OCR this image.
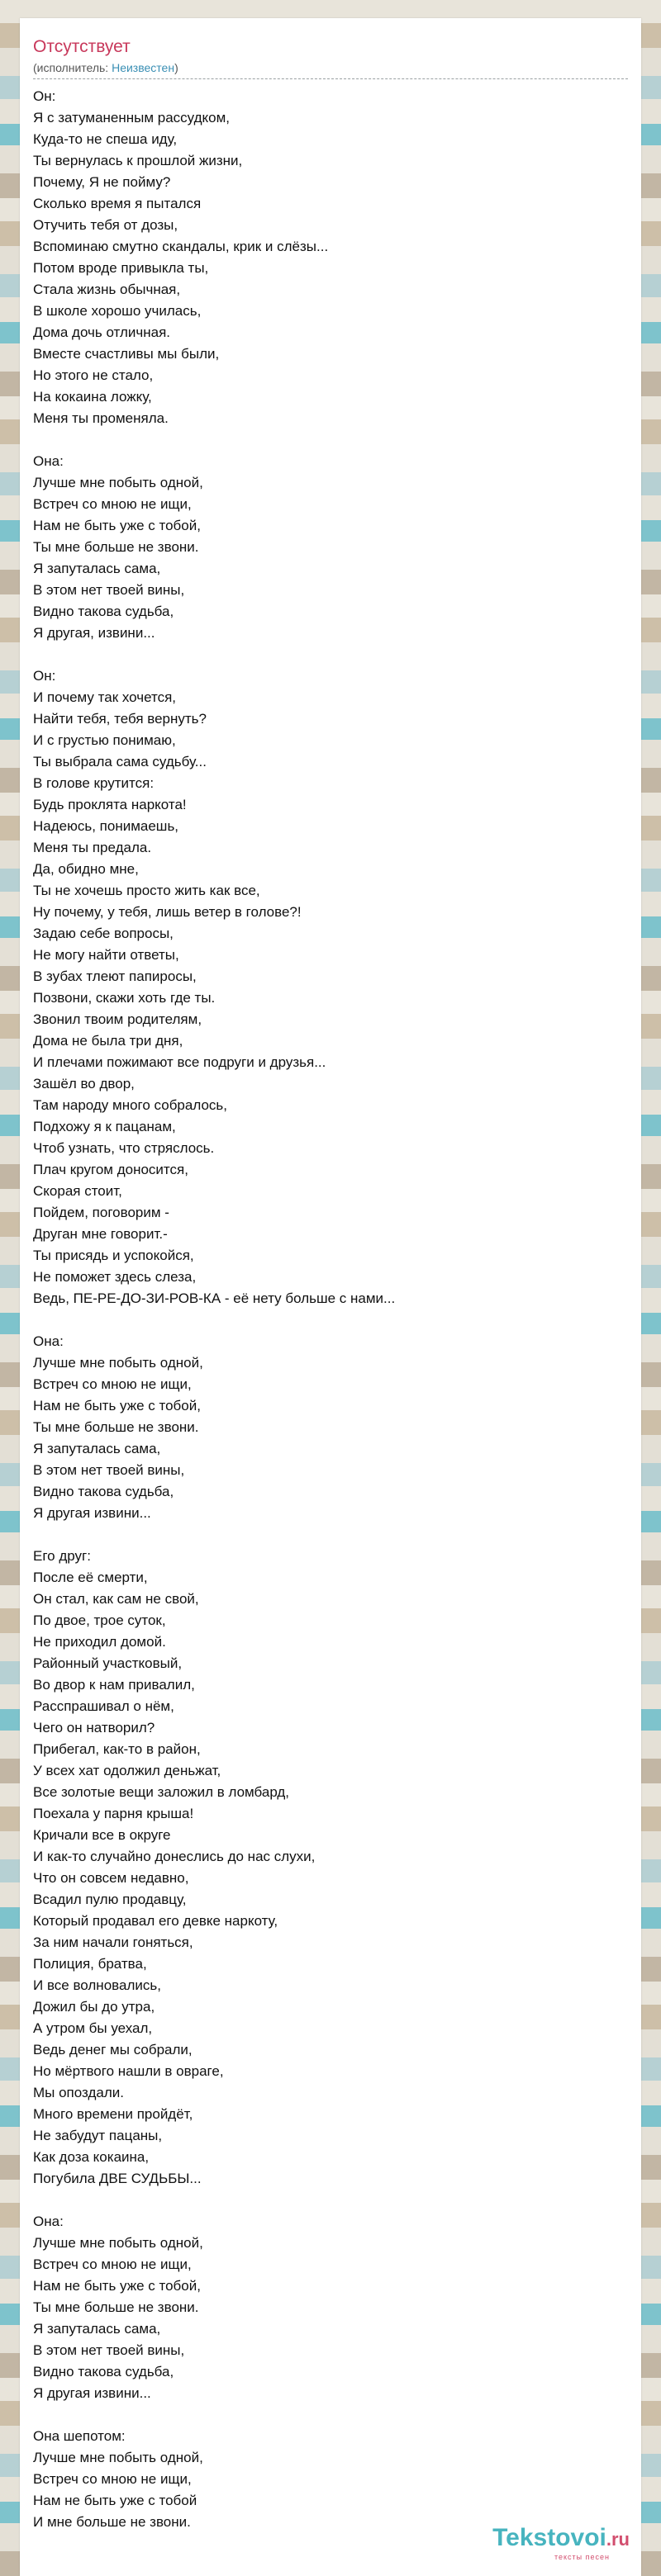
Отсутствует
(исполнитель: Неизвестен)
Он:
Я с затуманенным рассудком,
Куда-то не спеша иду,
Ты вернулась к прошлой жизни,
Почему, Я не пойму?
Сколько время я пытался
Отучить тебя от дозы,
Вспоминаю смутно скандалы, крик и слёзы...
Потом вроде привыкла ты,
Стала жизнь обычная,
В школе хорошо училась,
Дома дочь отличная.
Вместе счастливы мы были,
Но этого не стало,
На кокаина ложку,
Меня ты променяла.
Она:
Лучше мне побыть одной,
Встреч со мною не ищи,
Нам не быть уже с тобой,
Ты мне больше не звони.
Я запуталась сама,
В этом нет твоей вины,
Видно такова судьба,
Я другая, извини...
Он:
И почему так хочется,
Найти тебя, тебя вернуть?
И с грустью понимаю,
Ты выбрала сама судьбу...
В голове крутится:
Будь проклята наркота!
Надеюсь, понимаешь,
Меня ты предала.
Да, обидно мне,
Ты не хочешь просто жить как все,
Ну почему, у тебя, лишь ветер в голове?!
Задаю себе вопросы,
Не могу найти ответы,
В зубах тлеют папиросы,
Позвони, скажи хоть где ты.
Звонил твоим родителям,
Дома не была три дня,
И плечами пожимают все подруги и друзья...
Зашёл во двор,
Там народу много собралось,
Подхожу я к пацанам,
Чтоб узнать, что стряслось.
Плач кругом доносится,
Скорая стоит,
Пойдем, поговорим -
Друган мне говорит.-
Ты присядь и успокойся,
Не поможет здесь слеза,
Ведь, ПЕ-РЕ-ДО-ЗИ-РОВ-КА - её нету больше с нами...
Она:
Лучше мне побыть одной,
Встреч со мною не ищи,
Нам не быть уже с тобой,
Ты мне больше не звони.
Я запуталась сама,
В этом нет твоей вины,
Видно такова судьба,
Я другая извини...
Его друг:
После её смерти,
Он стал, как сам не свой,
По двое, трое суток,
Не приходил домой.
Районный участковый,
Во двор к нам привалил,
Расспрашивал о нём,
Чего он натворил?
Прибегал, как-то в район,
У всех хат одолжил деньжат,
Все золотые вещи заложил в ломбард,
Поехала у парня крыша!
Кричали все в округе
И как-то случайно донеслись до нас слухи,
Что он совсем недавно,
Всадил пулю продавцу,
Который продавал его девке наркоту,
За ним начали гоняться,
Полиция, братва,
И все волновались,
Дожил бы до утра,
А утром бы уехал,
Ведь денег мы собрали,
Но мёртвого нашли в овраге,
Мы опоздали.
Много времени пройдёт,
Не забудут пацаны,
Как доза кокаина,
Погубила ДВЕ СУДЬБЫ...
Она:
Лучше мне побыть одной,
Встреч со мною не ищи,
Нам не быть уже с тобой,
Ты мне больше не звони.
Я запуталась сама,
В этом нет твоей вины,
Видно такова судьба,
Я другая извини...
Она шепотом:
Лучше мне побыть одной,
Встреч со мною не ищи,
Нам не быть уже с тобой
И мне больше не звони.
Tekstovoi.ru
тексты песен
